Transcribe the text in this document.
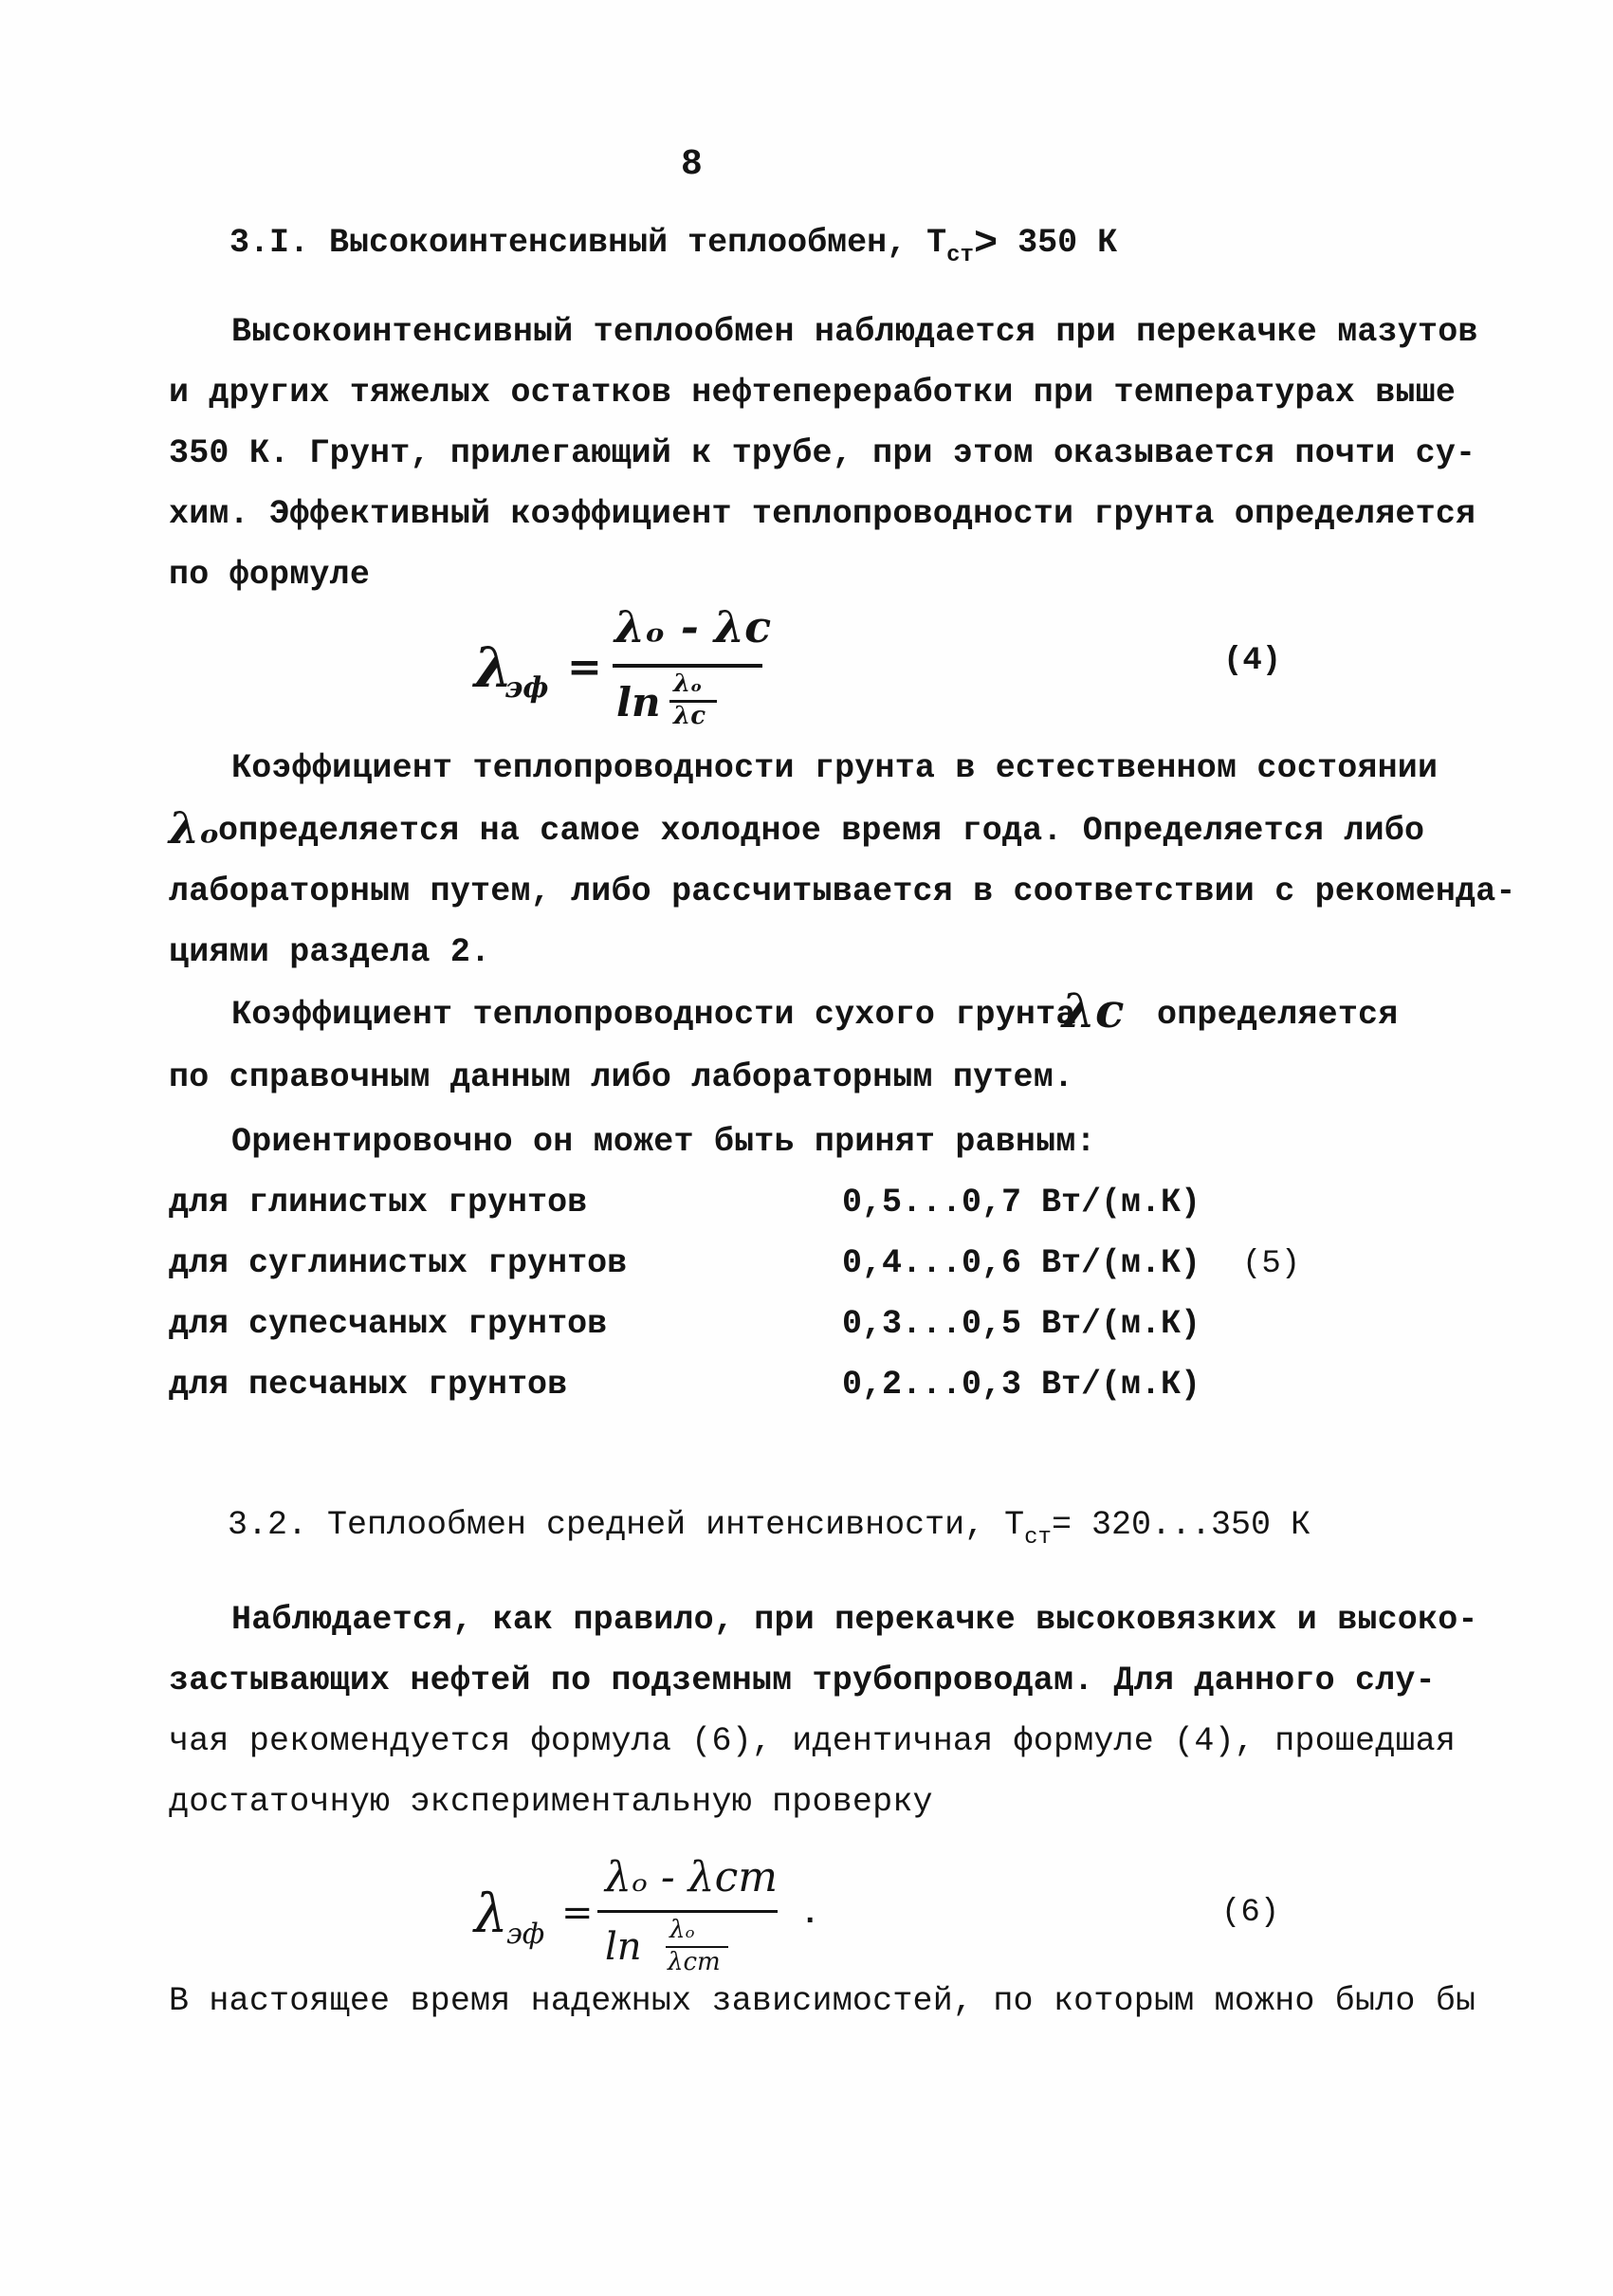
8
3.I. Высокоинтенсивный теплообмен, $Т_{ст}> 350$ К
Высокоинтенсивный теплообмен наблюдается при перекачке мазутов
и других тяжелых остатков нефтепереработки при температурах выше
350 К. Грунт, прилегающий к трубе, при этом оказывается почти су-
хим. Эффективный коэффициент теплопроводности грунта определяется
по формуле
λ
эф =
λₒ - λc
ln λₒ
λc
(4)
Коэффициент теплопроводности грунта в естественном состоянии
λₒ
определяется на самое холодное время года. Определяется либо
лабораторным путем, либо рассчитывается в соответствии с рекоменда-
циями раздела 2.
Коэффициент теплопроводности сухого грунта
λc определяется
по справочным данным либо лабораторным путем.
Ориентировочно он может быть принят равным:
для глинистых грунтов	0,5...0,7 Вт/(м.К)
для суглинистых грунтов	0,4...0,6 Вт/(м.К)
для супесчаных грунтов	0,3...0,5 Вт/(м.К)
для песчаных грунтов	0,2...0,3 Вт/(м.К)
(5)
3.2. Теплообмен средней интенсивности, $Т_{ст}= 320...350$ К
Наблюдается, как правило, при перекачке высоковязких и высоко-
застывающих нефтей по подземным трубопроводам. Для данного слу-
чая рекомендуется формула (6), идентичная формуле (4), прошедшая
достаточную экспериментальную проверку
λ
эф =
λₒ - λст
ln λₒ
λст
.	(6)
В настоящее время надежных зависимостей, по которым можно было бы
